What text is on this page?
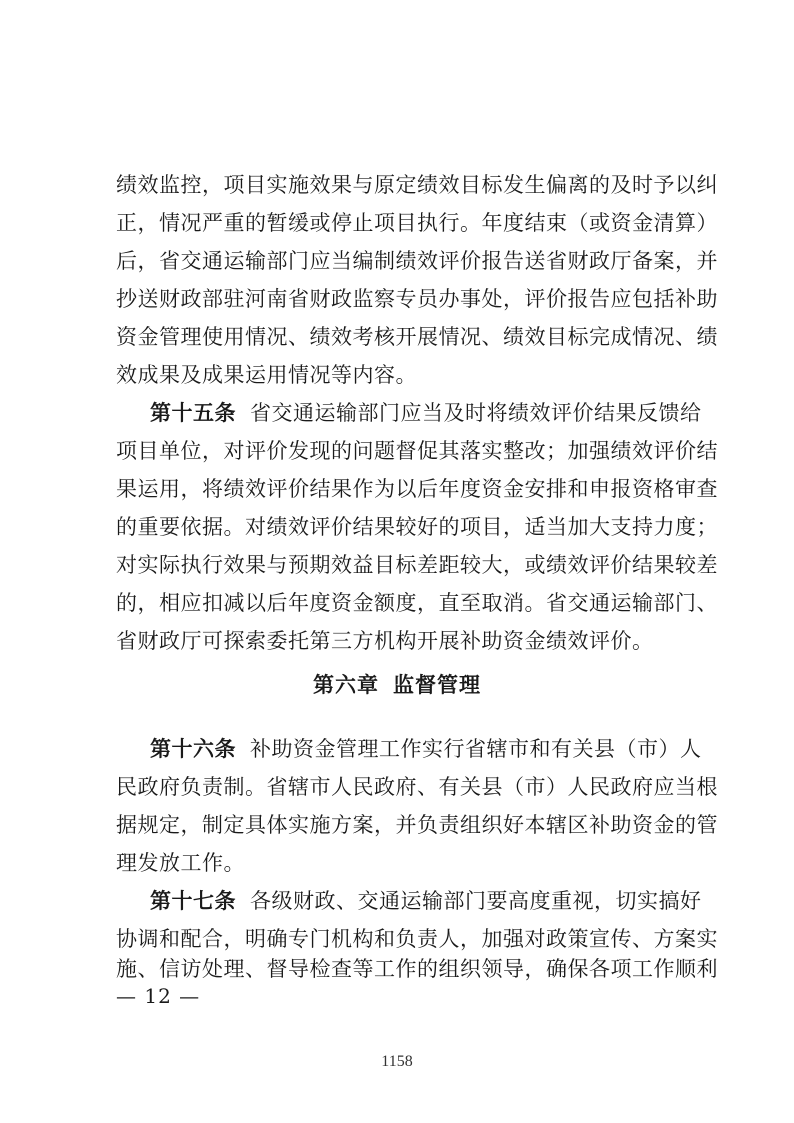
绩效监控，项目实施效果与原定绩效目标发生偏离的及时予以纠
正，情况严重的暂缓或停止项目执行。年度结束（或资金清算）
后，省交通运输部门应当编制绩效评价报告送省财政厅备案，并
抄送财政部驻河南省财政监察专员办事处，评价报告应包括补助
资金管理使用情况、绩效考核开展情况、绩效目标完成情况、绩
效成果及成果运用情况等内容。
第十五条 省交通运输部门应当及时将绩效评价结果反馈给
项目单位，对评价发现的问题督促其落实整改；加强绩效评价结
果运用，将绩效评价结果作为以后年度资金安排和申报资格审查
的重要依据。对绩效评价结果较好的项目，适当加大支持力度；
对实际执行效果与预期效益目标差距较大，或绩效评价结果较差
的，相应扣减以后年度资金额度，直至取消。省交通运输部门、
省财政厅可探索委托第三方机构开展补助资金绩效评价。
第六章 监督管理
第十六条 补助资金管理工作实行省辖市和有关县（市）人
民政府负责制。省辖市人民政府、有关县（市）人民政府应当根
据规定，制定具体实施方案，并负责组织好本辖区补助资金的管
理发放工作。
第十七条 各级财政、交通运输部门要高度重视，切实搞好
协调和配合，明确专门机构和负责人，加强对政策宣传、方案实
施、信访处理、督导检查等工作的组织领导，确保各项工作顺利
— 12 —
1158
